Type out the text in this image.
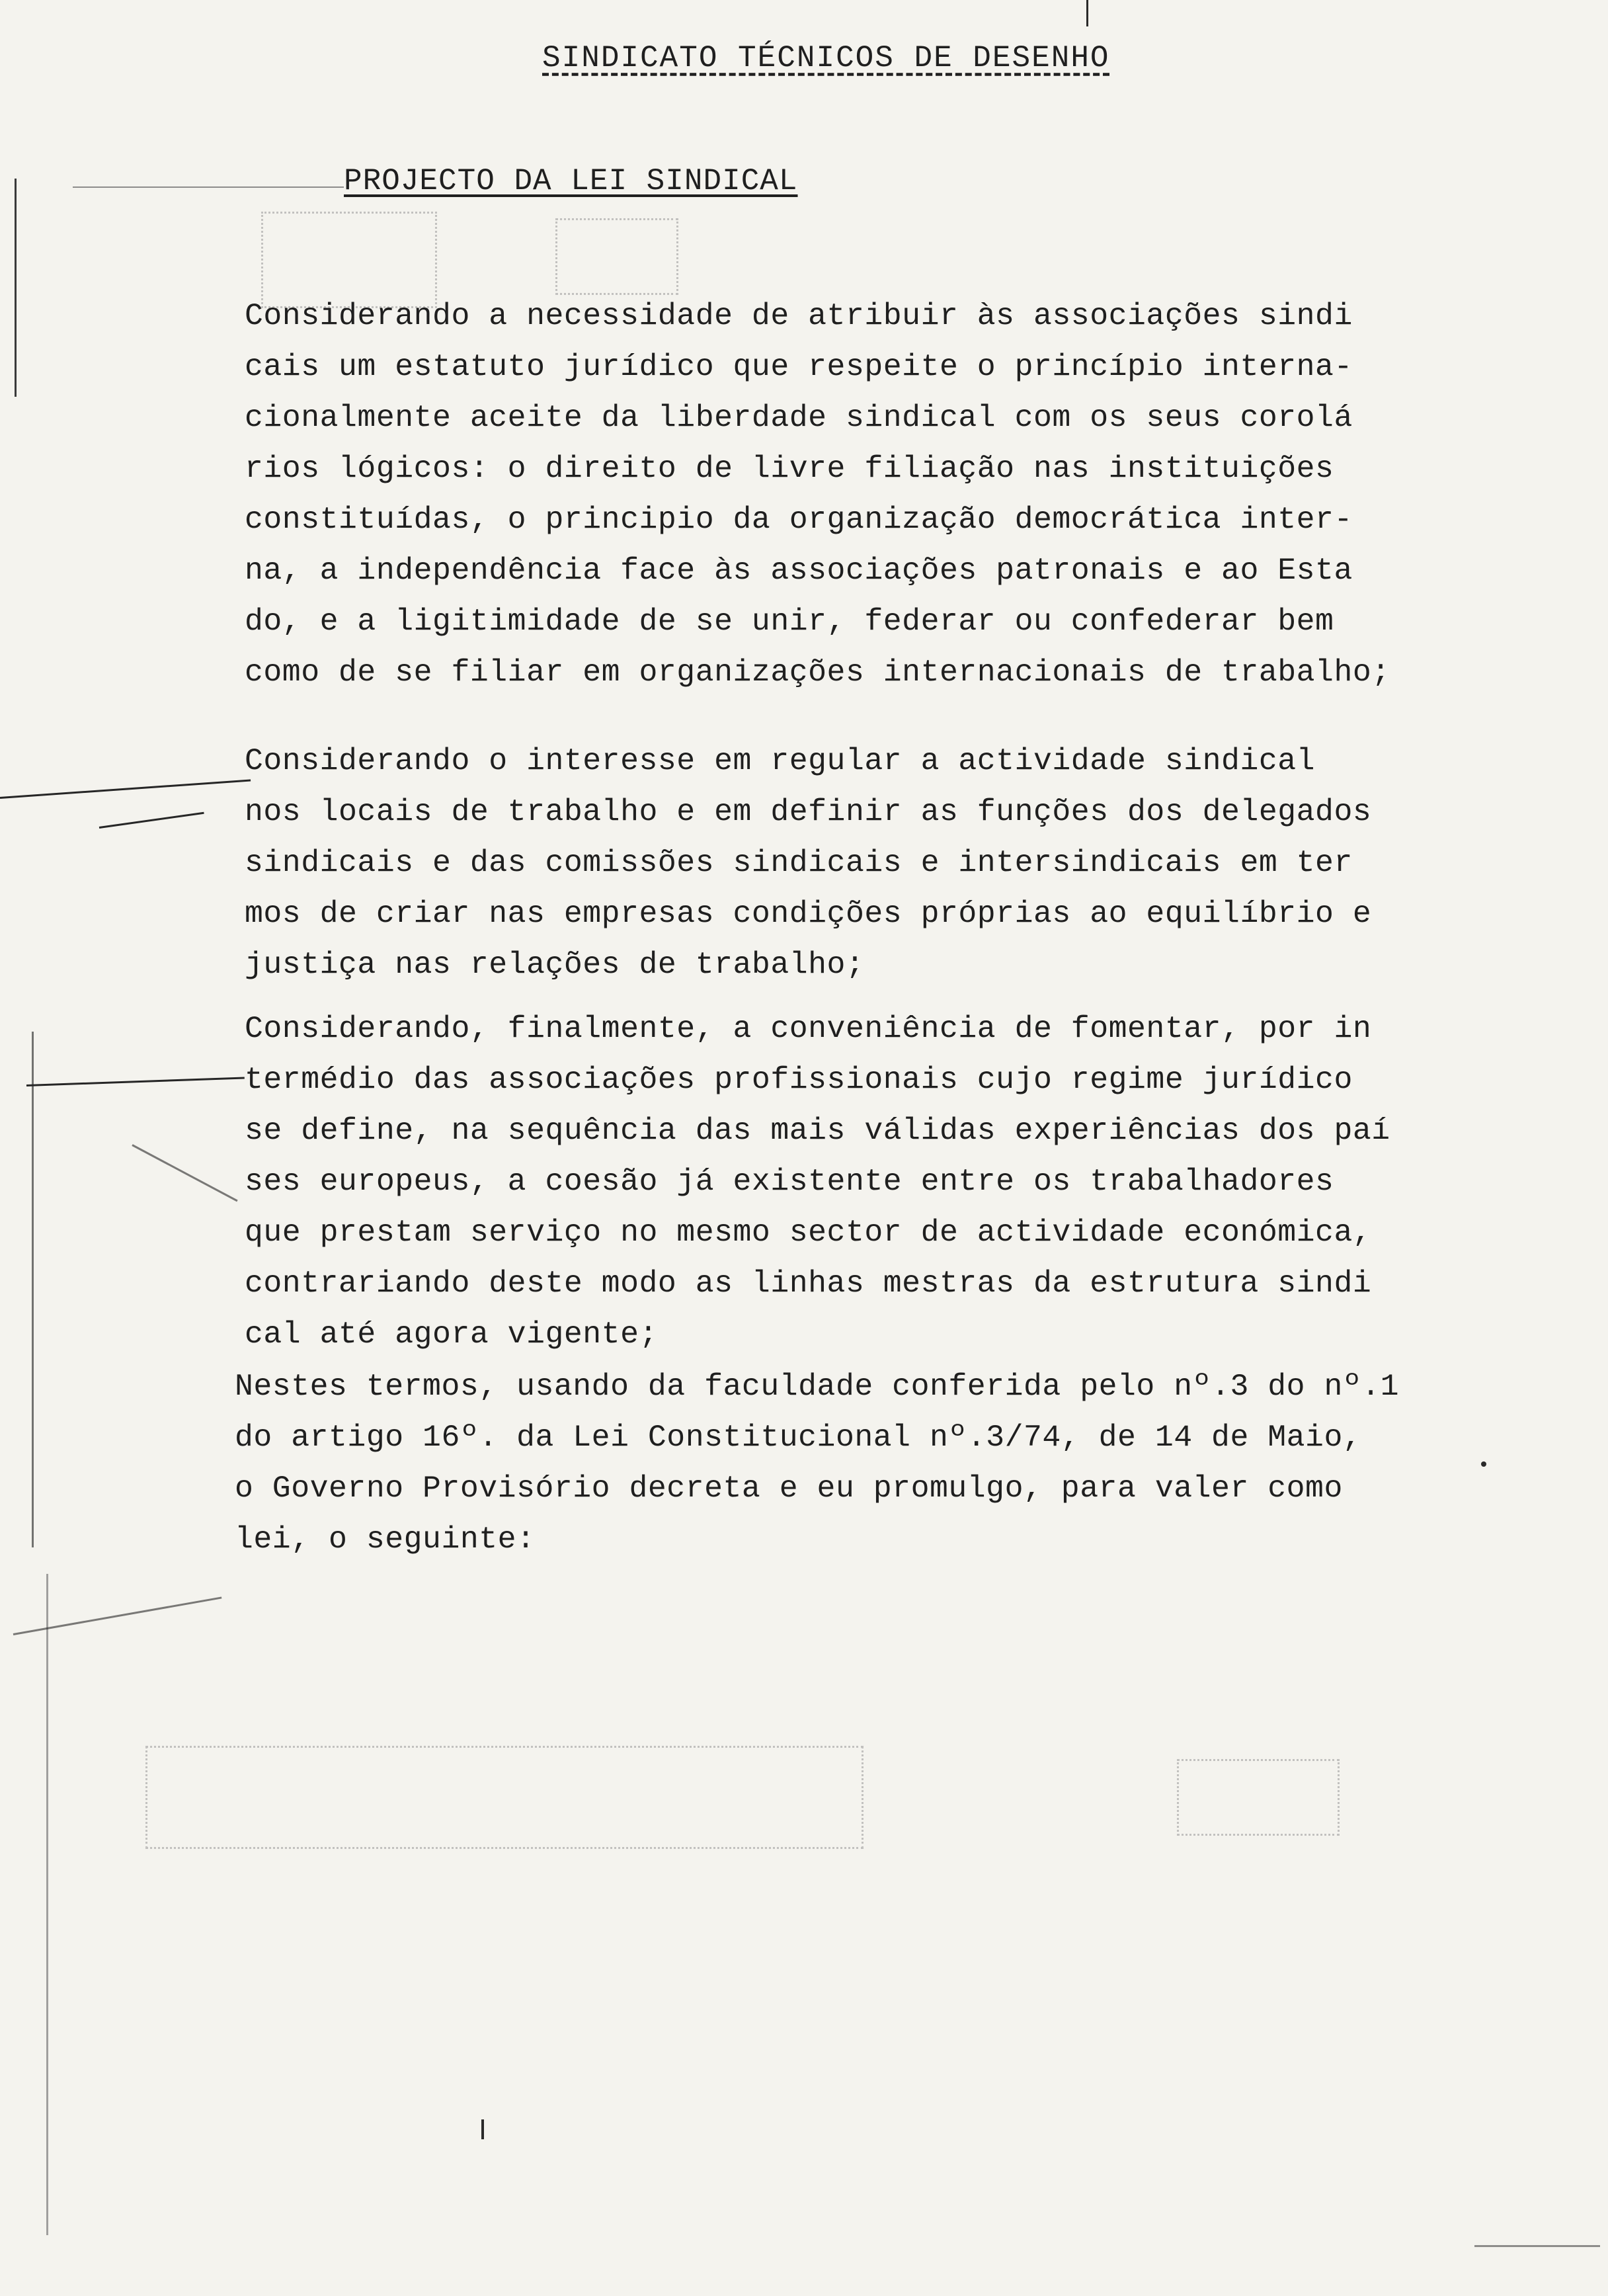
SINDICATO TÉCNICOS DE DESENHO
PROJECTO DA LEI SINDICAL
Considerando a necessidade de atribuir às associações sindi
cais um estatuto jurídico que respeite o princípio interna-
cionalmente aceite da liberdade sindical com os seus corolá
rios lógicos: o direito de livre filiação nas instituições
constituídas, o principio da organização democrática inter-
na, a independência face às associações patronais e ao Esta
do, e a ligitimidade de se unir, federar ou confederar bem
como de se filiar em organizações internacionais de trabalho;
Considerando o interesse em regular a actividade sindical
nos locais de trabalho e em definir as funções dos delegados
sindicais e das comissões sindicais e intersindicais em ter
mos de criar nas empresas condições próprias ao equilíbrio e
justiça nas relações de trabalho;
Considerando, finalmente, a conveniência de fomentar, por in
termédio das associações profissionais cujo regime jurídico
se define, na sequência das mais válidas experiências dos paí
ses europeus, a coesão já existente entre os trabalhadores
que prestam serviço no mesmo sector de actividade económica,
contrariando deste modo as linhas mestras da estrutura sindi
cal até agora vigente;
Nestes termos, usando da faculdade conferida pelo nº.3 do nº.1
do artigo 16º. da Lei Constitucional nº.3/74, de 14 de Maio,
o Governo Provisório decreta e eu promulgo, para valer como
lei, o seguinte:
